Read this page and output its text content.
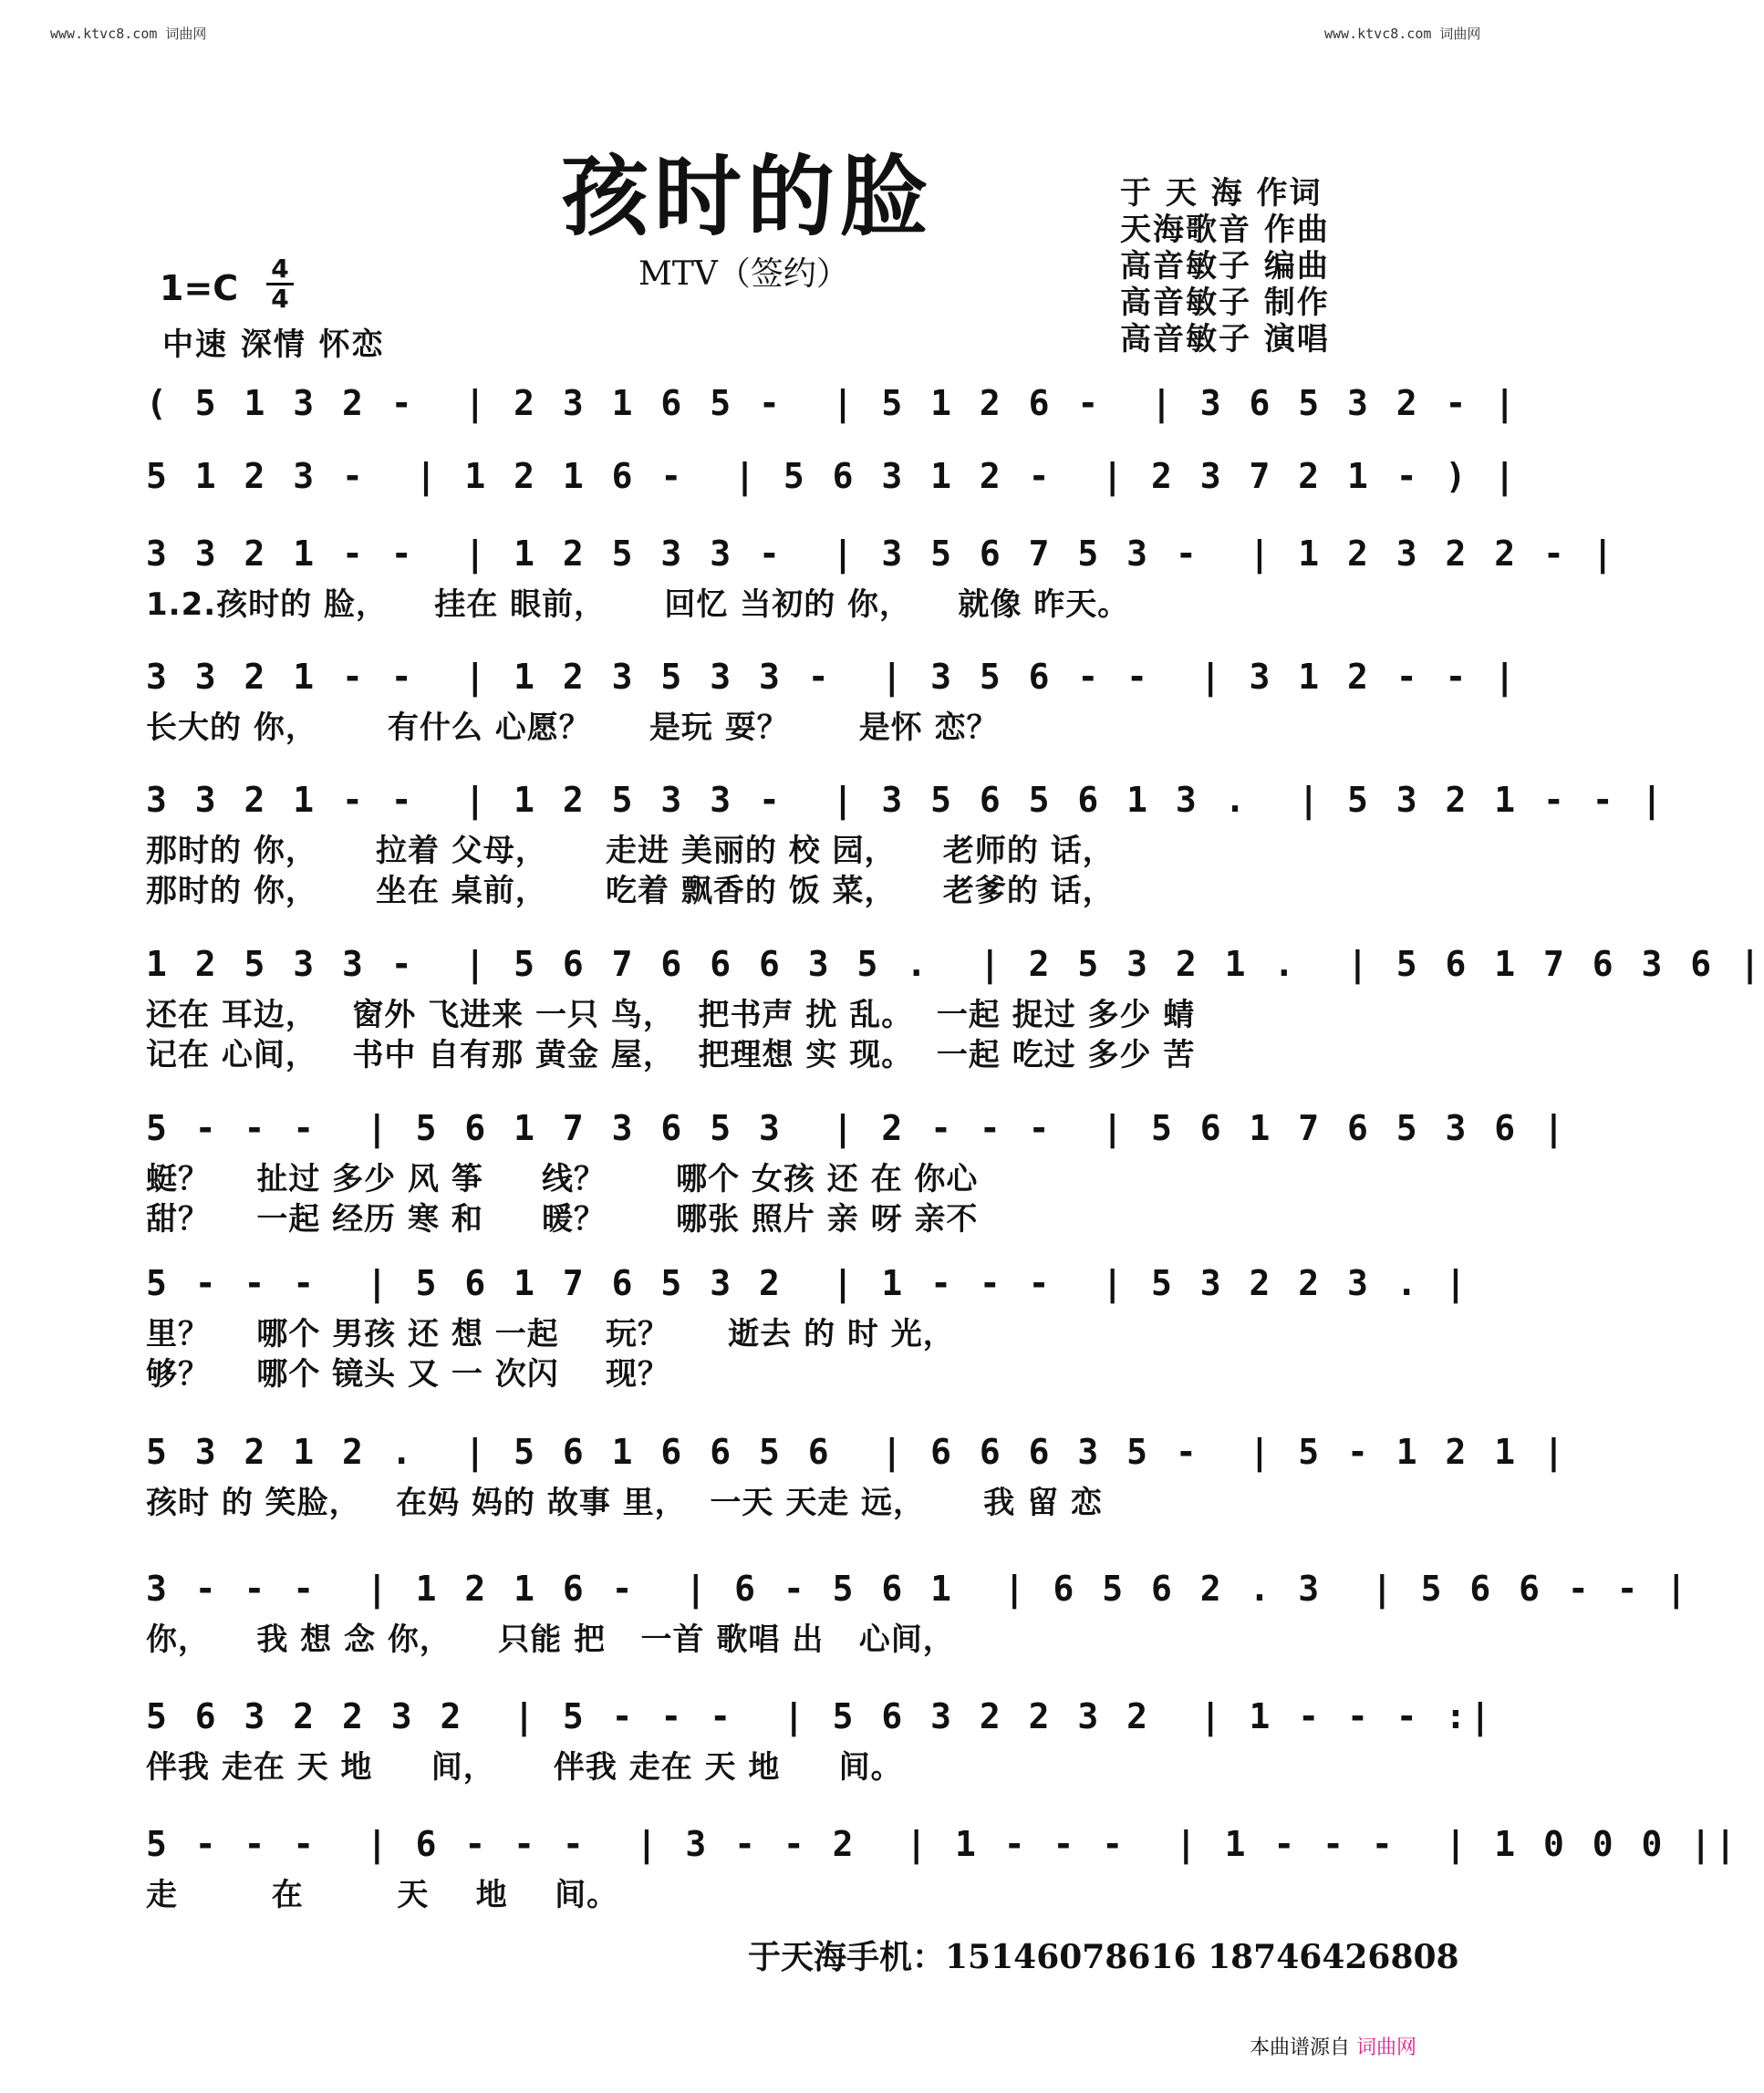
www.ktvc8.com 词曲网	www.ktvc8.com 词曲网
孩时的脸
MTV（签约）
于 天 海 作词
天海歌音 作曲
高音敏子 编曲
高音敏子 制作
高音敏子 演唱
1=C 4
4
中速 深情 怀恋
( 5 1 3 2 -  | 2 3 1 6 5 -  | 5 1 2 6 -  | 3 6 5 3 2 - |
5 1 2 3 -  | 1 2 1 6 -  | 5 6 3 1 2 -  | 2 3 7 2 1 - ) |
3 3 2 1 - -  | 1 2 5 3 3 -  | 3 5 6 7 5 3 -  | 1 2 3 2 2 - |
1.2.孩时的 脸，    挂在 眼前，     回忆 当初的 你，    就像 昨天。
3 3 2 1 - -  | 1 2 3 5 3 3 -  | 3 5 6 - -  | 3 1 2 - - |
长大的 你，      有什么 心愿？     是玩 耍？      是怀 恋？
3 3 2 1 - -  | 1 2 5 3 3 -  | 3 5 6 5 6 1 3 .  | 5 3 2 1 - - |
那时的 你，     拉着 父母，     走进 美丽的 校 园，    老师的 话，
那时的 你，     坐在 桌前，     吃着 飘香的 饭 菜，    老爹的 话，
1 2 5 3 3 -  | 5 6 7 6 6 6 3 5 .  | 2 5 3 2 1 .  | 5 6 1 7 6 3 6 |
还在 耳边，   窗外 飞进来 一只 鸟，  把书声 扰 乱。  一起 捉过 多少 蜻
记在 心间，   书中 自有那 黄金 屋，  把理想 实 现。  一起 吃过 多少 苦
5 - - -  | 5 6 1 7 3 6 5 3  | 2 - - -  | 5 6 1 7 6 5 3 6 |
蜓？    扯过 多少 风 筝     线？      哪个 女孩 还 在 你心
甜？    一起 经历 寒 和     暖？      哪张 照片 亲 呀 亲不
5 - - -  | 5 6 1 7 6 5 3 2  | 1 - - -  | 5 3 2 2 3 . |
里？    哪个 男孩 还 想 一起    玩？     逝去 的 时 光，
够？    哪个 镜头 又 一 次闪    现？
5 3 2 1 2 .  | 5 6 1 6 6 5 6  | 6 6 6 3 5 -  | 5 - 1 2 1 |
孩时 的 笑脸，   在妈 妈的 故事 里，  一天 天走 远，     我 留 恋
3 - - -  | 1 2 1 6 -  | 6 - 5 6 1  | 6 5 6 2 . 3  | 5 6 6 - - |
你，    我 想 念 你，    只能 把   一首 歌唱 出   心间，
5 6 3 2 2 3 2  | 5 - - -  | 5 6 3 2 2 3 2  | 1 - - - :|
伴我 走在 天 地     间，     伴我 走在 天 地     间。
5 - - -  | 6 - - -  | 3 - - 2  | 1 - - -  | 1 - - -  | 1 0 0 0 ||
走        在        天    地    间。
于天海手机：15146078616 18746426808
本曲谱源自 词曲网
